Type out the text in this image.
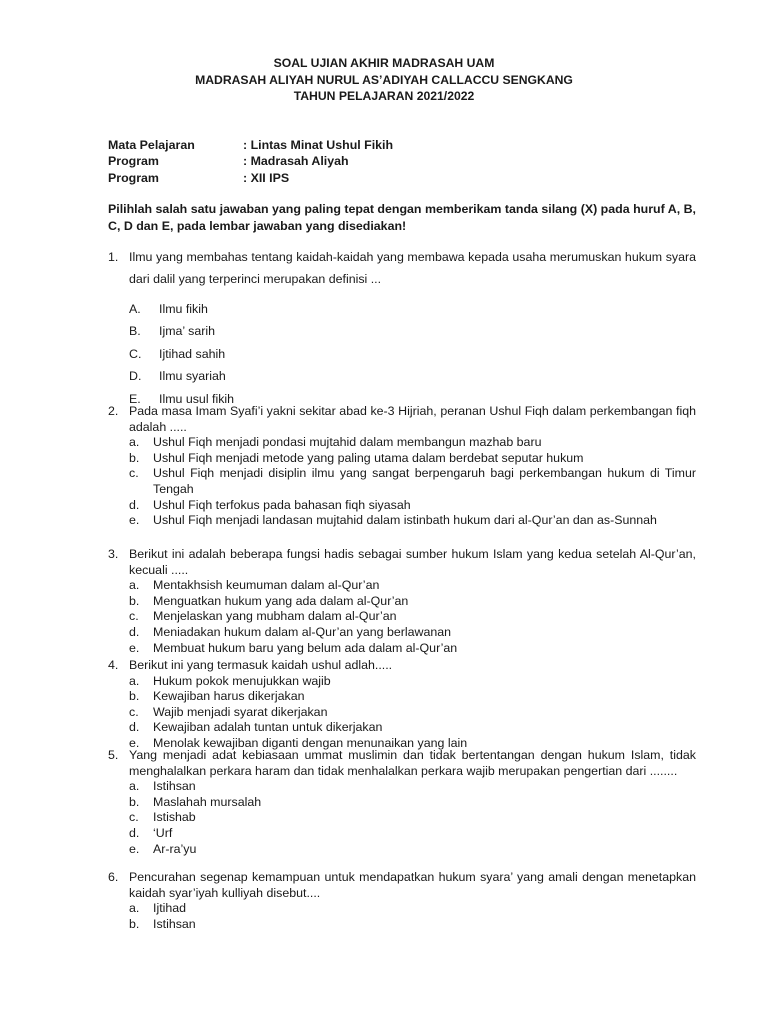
SOAL UJIAN AKHIR MADRASAH UAM
MADRASAH ALIYAH NURUL AS’ADIYAH CALLACCU SENGKANG
TAHUN PELAJARAN 2021/2022
Mata Pelajaran	: Lintas Minat Ushul Fikih
Program	: Madrasah Aliyah
Program	: XII IPS
Pilihlah salah satu jawaban yang paling tepat dengan memberikam tanda silang (X) pada huruf A, B, C, D dan E, pada lembar jawaban yang disediakan!
1. Ilmu yang membahas tentang kaidah-kaidah yang membawa kepada usaha merumuskan hukum syara dari dalil yang terperinci merupakan definisi ...
A. Ilmu fikih
B. Ijma’ sarih
C. Ijtihad sahih
D. Ilmu syariah
E. Ilmu usul fikih
2. Pada masa Imam Syafi’i yakni sekitar abad ke-3 Hijriah, peranan Ushul Fiqh dalam perkembangan fiqh adalah .....
a. Ushul Fiqh menjadi pondasi mujtahid dalam membangun mazhab baru
b. Ushul Fiqh menjadi metode yang paling utama dalam berdebat seputar hukum
c. Ushul Fiqh menjadi disiplin ilmu yang sangat berpengaruh bagi perkembangan hukum di Timur Tengah
d. Ushul Fiqh terfokus pada bahasan fiqh siyasah
e. Ushul Fiqh menjadi landasan mujtahid dalam istinbath hukum dari al-Qur’an dan as-Sunnah
3. Berikut ini adalah beberapa fungsi hadis sebagai sumber hukum Islam yang kedua setelah Al-Qur’an, kecuali .....
a. Mentakhsish keumuman dalam al-Qur’an
b. Menguatkan hukum yang ada dalam al-Qur’an
c. Menjelaskan yang mubham dalam al-Qur’an
d. Meniadakan hukum dalam al-Qur’an yang berlawanan
e. Membuat hukum baru yang belum ada dalam al-Qur’an
4. Berikut ini yang termasuk kaidah ushul adlah.....
a. Hukum pokok menujukkan wajib
b. Kewajiban harus dikerjakan
c. Wajib menjadi syarat dikerjakan
d. Kewajiban adalah tuntan untuk dikerjakan
e. Menolak kewajiban diganti dengan menunaikan yang lain
5. Yang menjadi adat kebiasaan ummat muslimin dan tidak bertentangan dengan hukum Islam, tidak menghalalkan perkara haram dan tidak menhalalkan perkara wajib merupakan pengertian dari ........
a. Istihsan
b. Maslahah mursalah
c. Istishab
d. ‘Urf
e. Ar-ra’yu
6. Pencurahan segenap kemampuan untuk mendapatkan hukum syara’ yang amali dengan menetapkan kaidah syar’iyah kulliyah disebut....
a. Ijtihad
b. Istihsan
